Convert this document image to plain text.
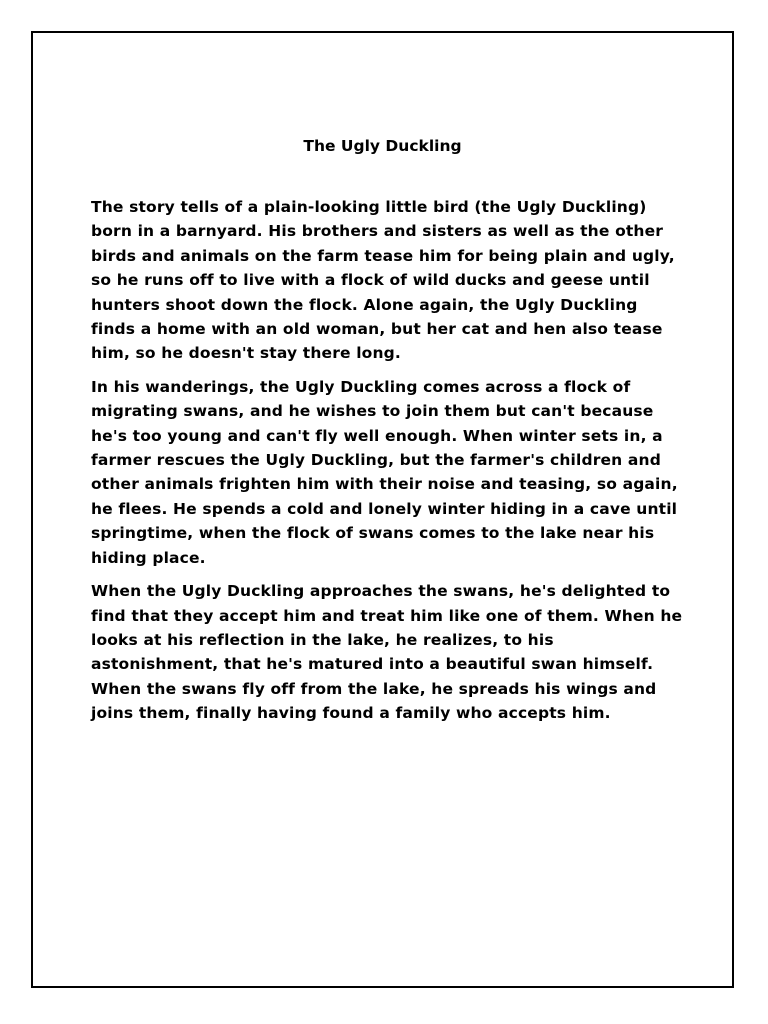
The Ugly Duckling

The story tells of a plain-looking little bird (the Ugly Duckling) born in a barnyard. His brothers and sisters as well as the other birds and animals on the farm tease him for being plain and ugly, so he runs off to live with a flock of wild ducks and geese until hunters shoot down the flock. Alone again, the Ugly Duckling finds a home with an old woman, but her cat and hen also tease him, so he doesn't stay there long.

In his wanderings, the Ugly Duckling comes across a flock of migrating swans, and he wishes to join them but can't because he's too young and can't fly well enough. When winter sets in, a farmer rescues the Ugly Duckling, but the farmer's children and other animals frighten him with their noise and teasing, so again, he flees. He spends a cold and lonely winter hiding in a cave until springtime, when the flock of swans comes to the lake near his hiding place.

When the Ugly Duckling approaches the swans, he's delighted to find that they accept him and treat him like one of them. When he looks at his reflection in the lake, he realizes, to his astonishment, that he's matured into a beautiful swan himself. When the swans fly off from the lake, he spreads his wings and joins them, finally having found a family who accepts him.
